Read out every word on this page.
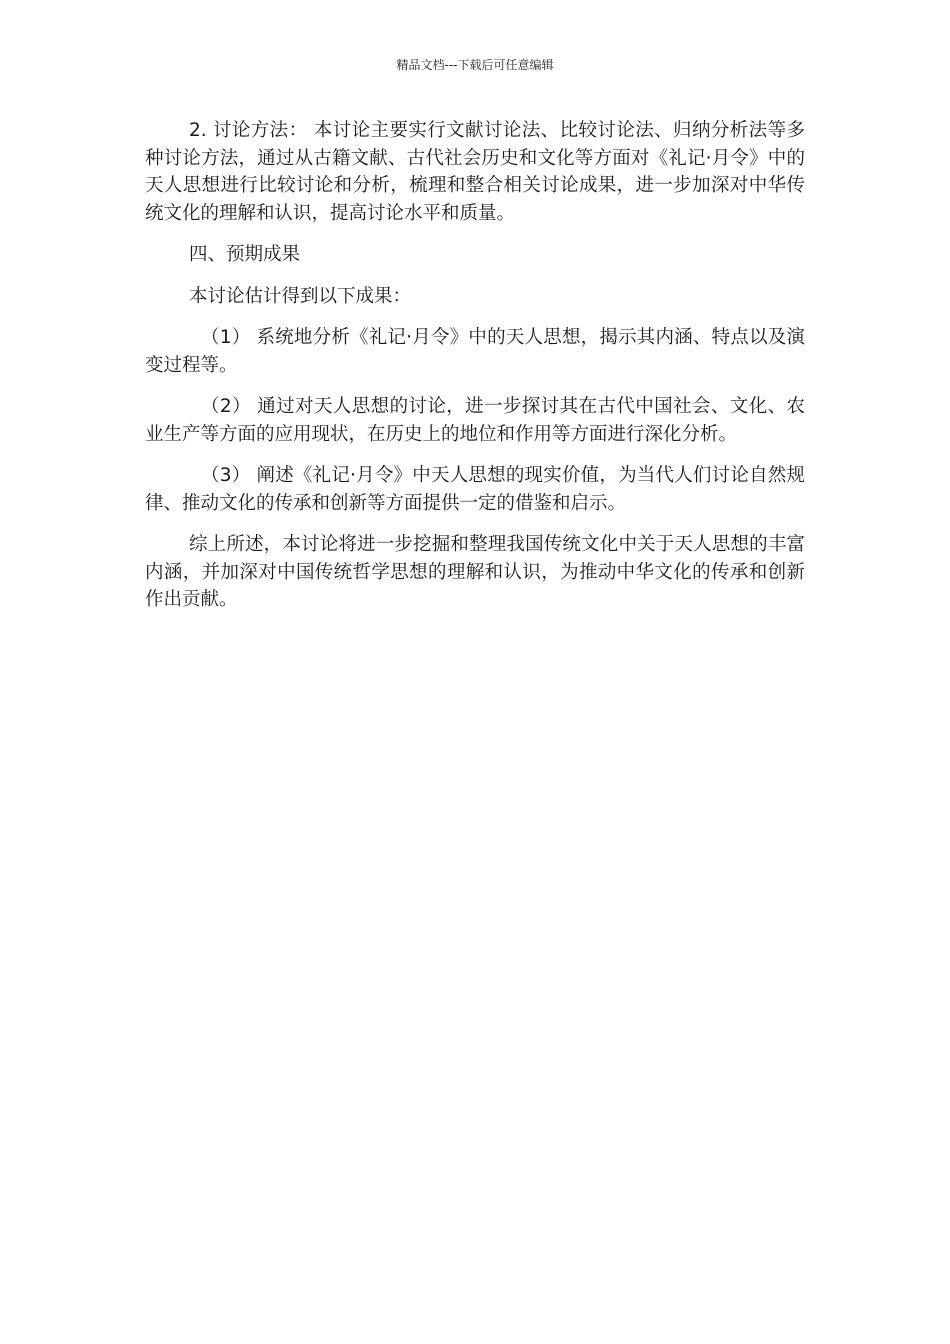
精品文档---下载后可任意编辑

2. 讨论方法： 本讨论主要实行文献讨论法、比较讨论法、归纳分析法等多种讨论方法，通过从古籍文献、古代社会历史和文化等方面对《礼记·月令》中的天人思想进行比较讨论和分析，梳理和整合相关讨论成果，进一步加深对中华传统文化的理解和认识，提高讨论水平和质量。

四、预期成果

本讨论估计得到以下成果：

（1） 系统地分析《礼记·月令》中的天人思想，揭示其内涵、特点以及演变过程等。

（2） 通过对天人思想的讨论，进一步探讨其在古代中国社会、文化、农业生产等方面的应用现状，在历史上的地位和作用等方面进行深化分析。

（3） 阐述《礼记·月令》中天人思想的现实价值，为当代人们讨论自然规律、推动文化的传承和创新等方面提供一定的借鉴和启示。

综上所述，本讨论将进一步挖掘和整理我国传统文化中关于天人思想的丰富内涵，并加深对中国传统哲学思想的理解和认识，为推动中华文化的传承和创新作出贡献。
